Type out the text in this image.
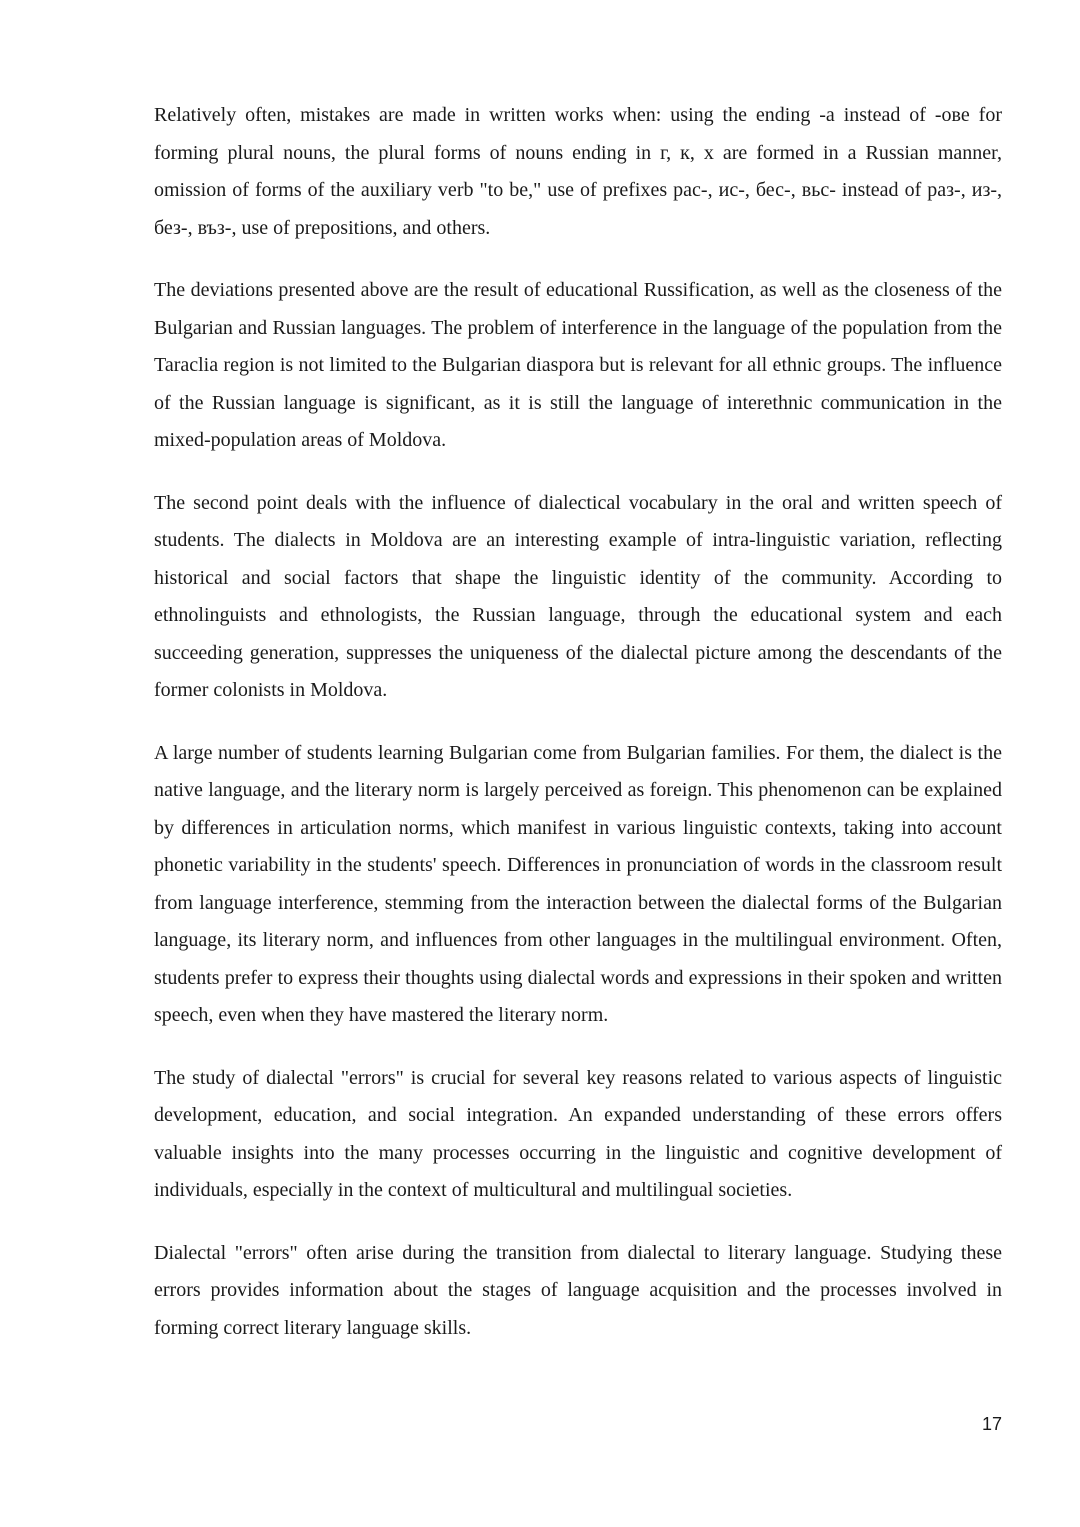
Relatively often, mistakes are made in written works when: using the ending -a instead of -ове for forming plural nouns, the plural forms of nouns ending in г, к, х are formed in a Russian manner, omission of forms of the auxiliary verb "to be," use of prefixes рас-, ис-, бес-, вьс- instead of раз-, из-, без-, въз-, use of prepositions, and others.

The deviations presented above are the result of educational Russification, as well as the closeness of the Bulgarian and Russian languages. The problem of interference in the language of the population from the Taraclia region is not limited to the Bulgarian diaspora but is relevant for all ethnic groups. The influence of the Russian language is significant, as it is still the language of interethnic communication in the mixed-population areas of Moldova.

The second point deals with the influence of dialectical vocabulary in the oral and written speech of students. The dialects in Moldova are an interesting example of intra-linguistic variation, reflecting historical and social factors that shape the linguistic identity of the community. According to ethnolinguists and ethnologists, the Russian language, through the educational system and each succeeding generation, suppresses the uniqueness of the dialectal picture among the descendants of the former colonists in Moldova.

A large number of students learning Bulgarian come from Bulgarian families. For them, the dialect is the native language, and the literary norm is largely perceived as foreign. This phenomenon can be explained by differences in articulation norms, which manifest in various linguistic contexts, taking into account phonetic variability in the students' speech. Differences in pronunciation of words in the classroom result from language interference, stemming from the interaction between the dialectal forms of the Bulgarian language, its literary norm, and influences from other languages in the multilingual environment. Often, students prefer to express their thoughts using dialectal words and expressions in their spoken and written speech, even when they have mastered the literary norm.

The study of dialectal "errors" is crucial for several key reasons related to various aspects of linguistic development, education, and social integration. An expanded understanding of these errors offers valuable insights into the many processes occurring in the linguistic and cognitive development of individuals, especially in the context of multicultural and multilingual societies.

Dialectal "errors" often arise during the transition from dialectal to literary language. Studying these errors provides information about the stages of language acquisition and the processes involved in forming correct literary language skills.

17
